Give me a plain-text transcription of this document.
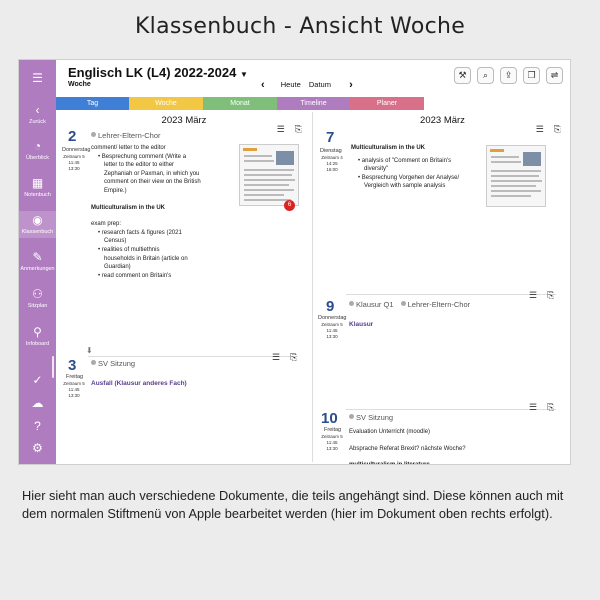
Klassenbuch - Ansicht Woche
☰
‹
Zurück
◔
Überblick
▦
Notenbuch
◉
Klassenbuch
✎
Anmerkungen
⚇
Sitzplan
⚲
Infoboard
✓
☁
?
⚙
Englisch LK (L4) 2022-2024 ▼
Woche	‹ Heute Datum ›
⚒ ⌕ ⇪ ❐ ⇌
Tag	Woche	Monat	Timeline	Planer
2023 März
☰ ⎘
2
Donnerstag
Zeitraum 5
11:45
13:30
Lehrer-Eltern-Chor
comment/ letter to the editor
• Besprechung comment (Write a
letter to the editor to either
Zephaniah or Paxman, in which you
comment on their view on the British
Empire.)
Multiculturalism in the UK
exam prep:
• research facts & figures (2021
Census)
• realities of multiethnis
households in Britain (article on
Guardian)
• read comment on Britain's
6
⬇
☰ ⎘
3
Freitag
Zeitraum 5
11:45
13:30
SV Sitzung
Ausfall (Klausur anderes Fach)
2023 März
☰ ⎘
7
Dienstag
Zeitraum 4
14:25
16:00
Multiculturalism in the UK
• analysis of "Comment on Britain's
diversity"
• Besprechung Vorgehen der Analyse/
Vergleich with sample analysis
☰ ⎘
9
Donnerstag
Zeitraum 5
11:45
13:30
Klausur Q1 Lehrer-Eltern-Chor
Klausur
☰ ⎘
10
Freitag
Zeitraum 5
11:45
13:30
SV Sitzung
Evaluation Unterricht (moodle)
Absprache Referat Brexit? nächste Woche?
Hier sieht man auch verschiedene Dokumente, die teils angehängt sind. Diese können auch mit dem normalen Stiftmenü von Apple bearbeitet werden (hier im Dokument oben rechts erfolgt).
